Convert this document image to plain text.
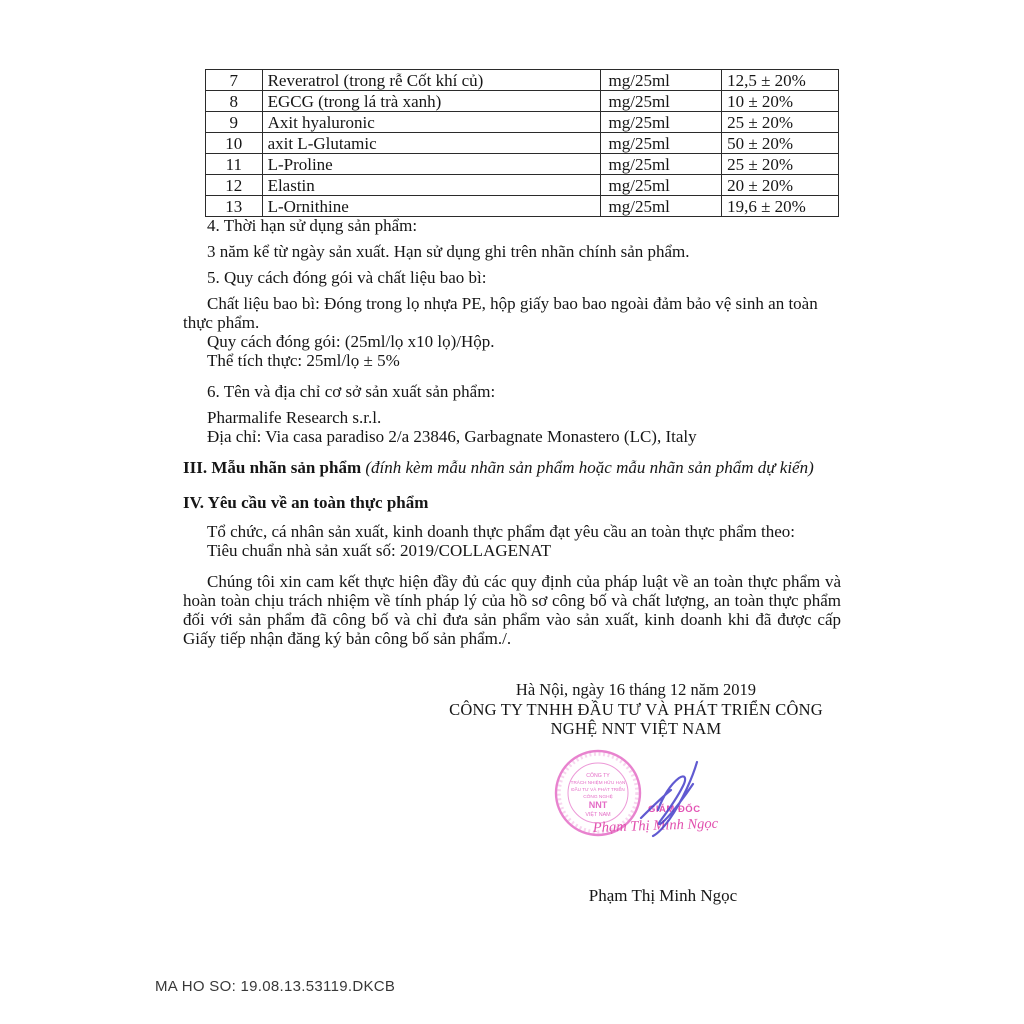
7	Reveratrol (trong rễ Cốt khí củ)	mg/25ml	12,5 ± 20%
8	EGCG (trong lá trà xanh)	mg/25ml	10 ± 20%
9	Axit hyaluronic	mg/25ml	25 ± 20%
10	axit L-Glutamic	mg/25ml	50 ± 20%
11	L-Proline	mg/25ml	25 ± 20%
12	Elastin	mg/25ml	20 ± 20%
13	L-Ornithine	mg/25ml	19,6 ± 20%

4. Thời hạn sử dụng sản phẩm:

3 năm kể từ ngày sản xuất. Hạn sử dụng ghi trên nhãn chính sản phẩm.

5. Quy cách đóng gói và chất liệu bao bì:

Chất liệu bao bì: Đóng trong lọ nhựa PE, hộp giấy bao bao ngoài đảm bảo vệ sinh an toàn thực phẩm.

Quy cách đóng gói: (25ml/lọ x10 lọ)/Hộp.

Thể tích thực: 25ml/lọ ± 5%

6. Tên và địa chỉ cơ sở sản xuất sản phẩm:

Pharmalife Research s.r.l.

Địa chỉ: Via casa paradiso 2/a 23846, Garbagnate Monastero (LC), Italy

III. Mẫu nhãn sản phẩm (đính kèm mẫu nhãn sản phẩm hoặc mẫu nhãn sản phẩm dự kiến)

IV. Yêu cầu về an toàn thực phẩm

Tổ chức, cá nhân sản xuất, kinh doanh thực phẩm đạt yêu cầu an toàn thực phẩm theo:

Tiêu chuẩn nhà sản xuất số: 2019/COLLAGENAT

Chúng tôi xin cam kết thực hiện đầy đủ các quy định của pháp luật về an toàn thực phẩm và hoàn toàn chịu trách nhiệm về tính pháp lý của hồ sơ công bố và chất lượng, an toàn thực phẩm đối với sản phẩm đã công bố và chỉ đưa sản phẩm vào sản xuất, kinh doanh khi đã được cấp Giấy tiếp nhận đăng ký bản công bố sản phẩm./.

Hà Nội, ngày 16 tháng 12 năm 2019
CÔNG TY TNHH ĐẦU TƯ VÀ PHÁT TRIỂN CÔNG
NGHỆ NNT VIỆT NAM
CÔNG TY
TRÁCH NHIỆM HỮU HẠN
ĐẦU TƯ VÀ PHÁT TRIỂN
CÔNG NGHỆ
NNT
VIỆT NAM	GIÁM ĐỐC
Phạm Thị Minh Ngọc
Phạm Thị Minh Ngọc
MA HO SO: 19.08.13.53119.DKCB
